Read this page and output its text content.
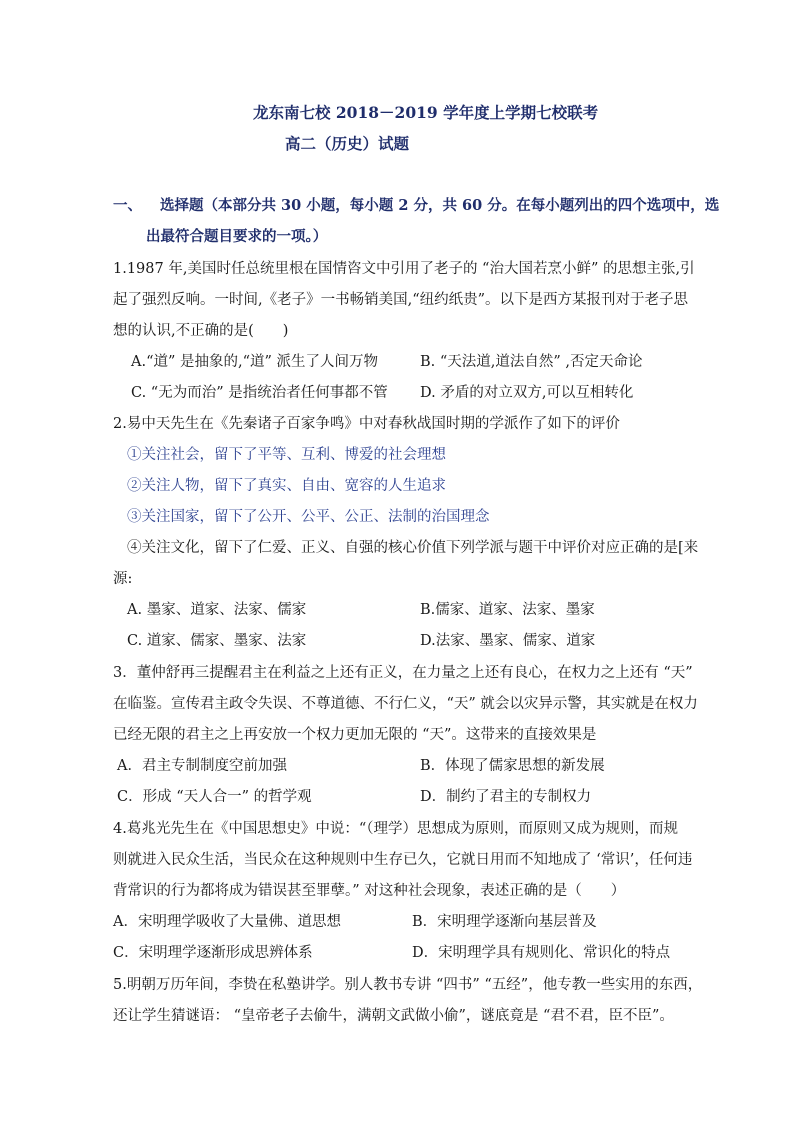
龙东南七校 2018－2019 学年度上学期七校联考
高二（历史）试题
一、 选择题（本部分共 30 小题，每小题 2 分，共 60 分。在每小题列出的四个选项中，选
出最符合题目要求的一项。）
1.1987 年,美国时任总统里根在国情咨文中引用了老子的 “治大国若烹小鲜” 的思想主张,引
起了强烈反响。一时间,《老子》一书畅销美国,“纽约纸贵”。以下是西方某报刊对于老子思
想的认识,不正确的是(　　)
A.“道” 是抽象的,“道” 派生了人间万物	B. “天法道,道法自然” ,否定天命论
C. “无为而治” 是指统治者任何事都不管 D. 矛盾的对立双方,可以互相转化
2.易中天先生在《先秦诸子百家争鸣》中对春秋战国时期的学派作了如下的评价
①关注社会，留下了平等、互利、博爱的社会理想
②关注人物，留下了真实、自由、宽容的人生追求
③关注国家，留下了公开、公平、公正、法制的治国理念
④关注文化，留下了仁爱、正义、自强的核心价值下列学派与题干中评价对应正确的是[来
源:
A. 墨家、道家、法家、儒家	B.儒家、道家、法家、墨家
C. 道家、儒家、墨家、法家	D.法家、墨家、儒家、道家
3．董仲舒再三提醒君主在利益之上还有正义，在力量之上还有良心，在权力之上还有 “天”
在临鉴。宣传君主政令失误、不尊道德、不行仁义，“天” 就会以灾异示警，其实就是在权力
已经无限的君主之上再安放一个权力更加无限的 “天”。这带来的直接效果是
A．君主专制制度空前加强	B．体现了儒家思想的新发展
C．形成 “天人合一” 的哲学观	D．制约了君主的专制权力
4.葛兆光先生在《中国思想史》中说：“（理学）思想成为原则，而原则又成为规则，而规
则就进入民众生活，当民众在这种规则中生存已久，它就日用而不知地成了 ‘常识’，任何违
背常识的行为都将成为错误甚至罪孽。” 对这种社会现象，表述正确的是（　　）
A．宋明理学吸收了大量佛、道思想	B．宋明理学逐渐向基层普及
C．宋明理学逐渐形成思辨体系	D．宋明理学具有规则化、常识化的特点
5.明朝万历年间，李贽在私塾讲学。别人教书专讲 “四书” “五经”，他专教一些实用的东西，
还让学生猜谜语： “皇帝老子去偷牛，满朝文武做小偷”，谜底竟是 “君不君，臣不臣”。
